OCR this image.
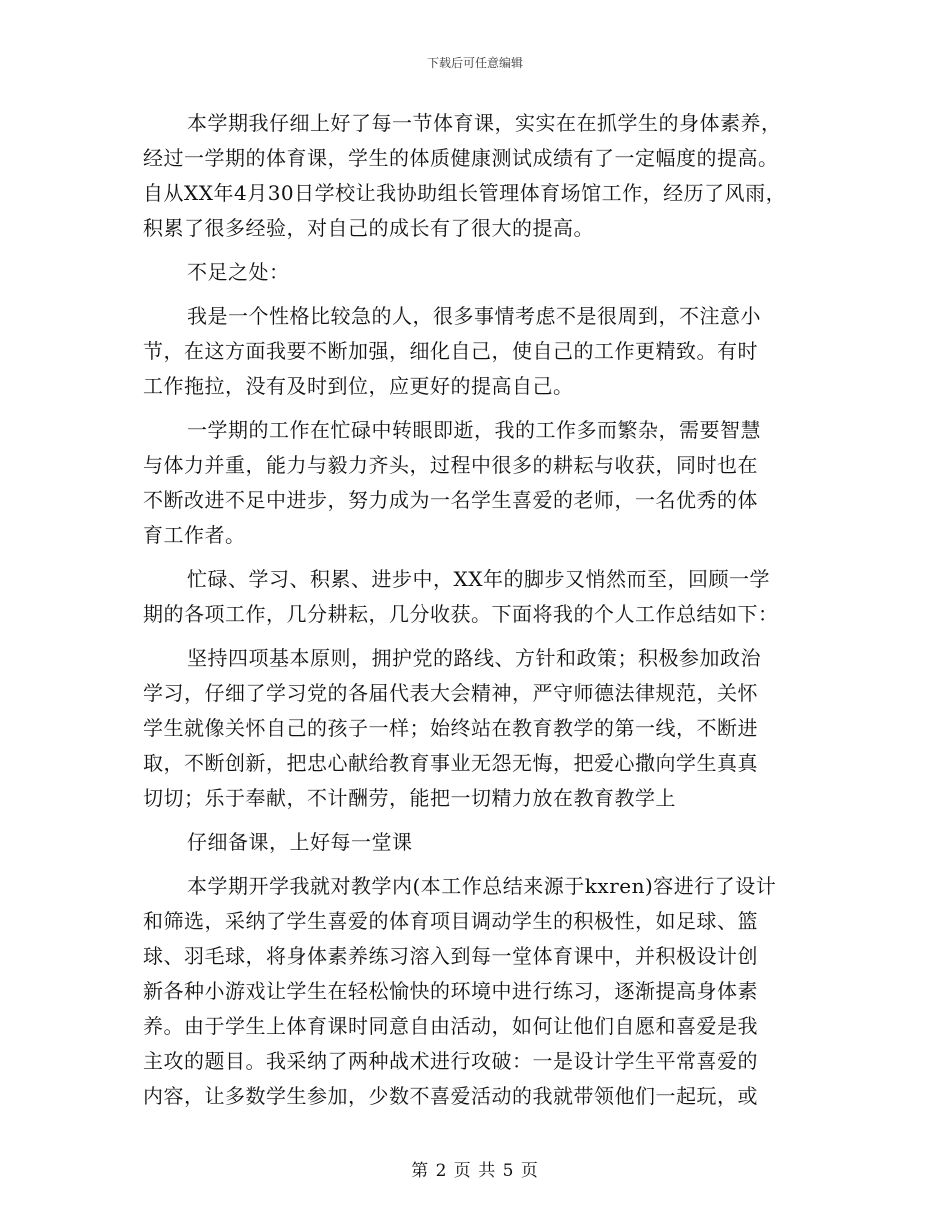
下载后可任意编辑
本学期我仔细上好了每一节体育课，实实在在抓学生的身体素养，
经过一学期的体育课，学生的体质健康测试成绩有了一定幅度的提高。
自从XX年4月30日学校让我协助组长管理体育场馆工作，经历了风雨，
积累了很多经验，对自己的成长有了很大的提高。
不足之处：
我是一个性格比较急的人，很多事情考虑不是很周到，不注意小
节，在这方面我要不断加强，细化自己，使自己的工作更精致。有时
工作拖拉，没有及时到位，应更好的提高自己。
一学期的工作在忙碌中转眼即逝，我的工作多而繁杂，需要智慧
与体力并重，能力与毅力齐头，过程中很多的耕耘与收获，同时也在
不断改进不足中进步，努力成为一名学生喜爱的老师，一名优秀的体
育工作者。
忙碌、学习、积累、进步中，XX年的脚步又悄然而至，回顾一学
期的各项工作，几分耕耘，几分收获。下面将我的个人工作总结如下：
坚持四项基本原则，拥护党的路线、方针和政策；积极参加政治
学习，仔细了学习党的各届代表大会精神，严守师德法律规范，关怀
学生就像关怀自己的孩子一样；始终站在教育教学的第一线，不断进
取，不断创新，把忠心献给教育事业无怨无悔，把爱心撒向学生真真
切切；乐于奉献，不计酬劳，能把一切精力放在教育教学上
仔细备课，上好每一堂课
本学期开学我就对教学内(本工作总结来源于kxren)容进行了设计
和筛选，采纳了学生喜爱的体育项目调动学生的积极性，如足球、篮
球、羽毛球，将身体素养练习溶入到每一堂体育课中，并积极设计创
新各种小游戏让学生在轻松愉快的环境中进行练习，逐渐提高身体素
养。由于学生上体育课时同意自由活动，如何让他们自愿和喜爱是我
主攻的题目。我采纳了两种战术进行攻破：一是设计学生平常喜爱的
内容，让多数学生参加，少数不喜爱活动的我就带领他们一起玩，或
第 2 页 共 5 页
